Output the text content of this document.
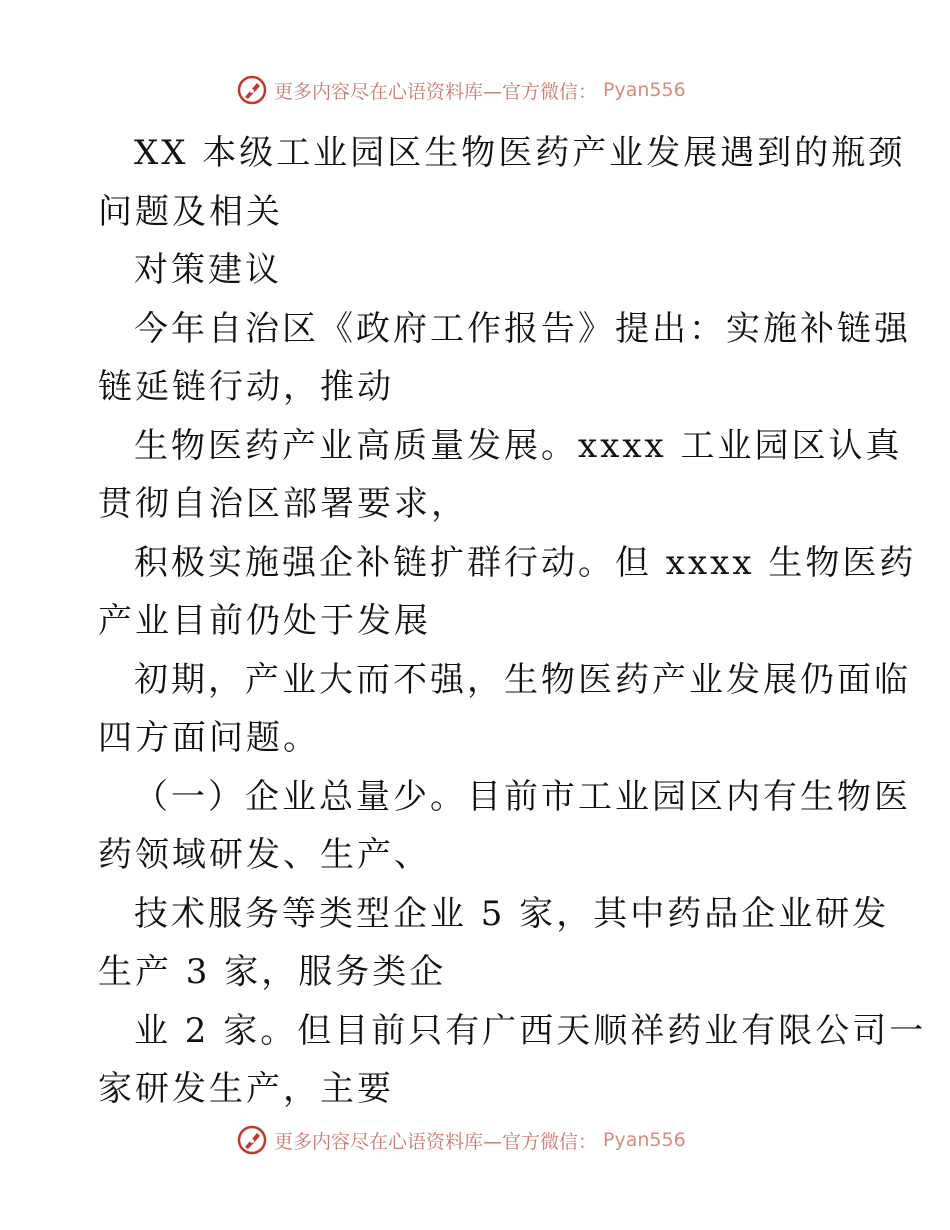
更多内容尽在心语资料库—官方微信： Pyan556

XX 本级工业园区生物医药产业发展遇到的瓶颈

问题及相关

对策建议

今年自治区《政府工作报告》提出：实施补链强

链延链行动，推动

生物医药产业高质量发展。xxxx 工业园区认真

贯彻自治区部署要求，

积极实施强企补链扩群行动。但 xxxx 生物医药

产业目前仍处于发展

初期，产业大而不强，生物医药产业发展仍面临

四方面问题。

（一）企业总量少。目前市工业园区内有生物医

药领域研发、生产、

技术服务等类型企业 5 家，其中药品企业研发

生产 3 家，服务类企

业 2 家。但目前只有广西天顺祥药业有限公司一

家研发生产，主要

更多内容尽在心语资料库—官方微信： Pyan556
